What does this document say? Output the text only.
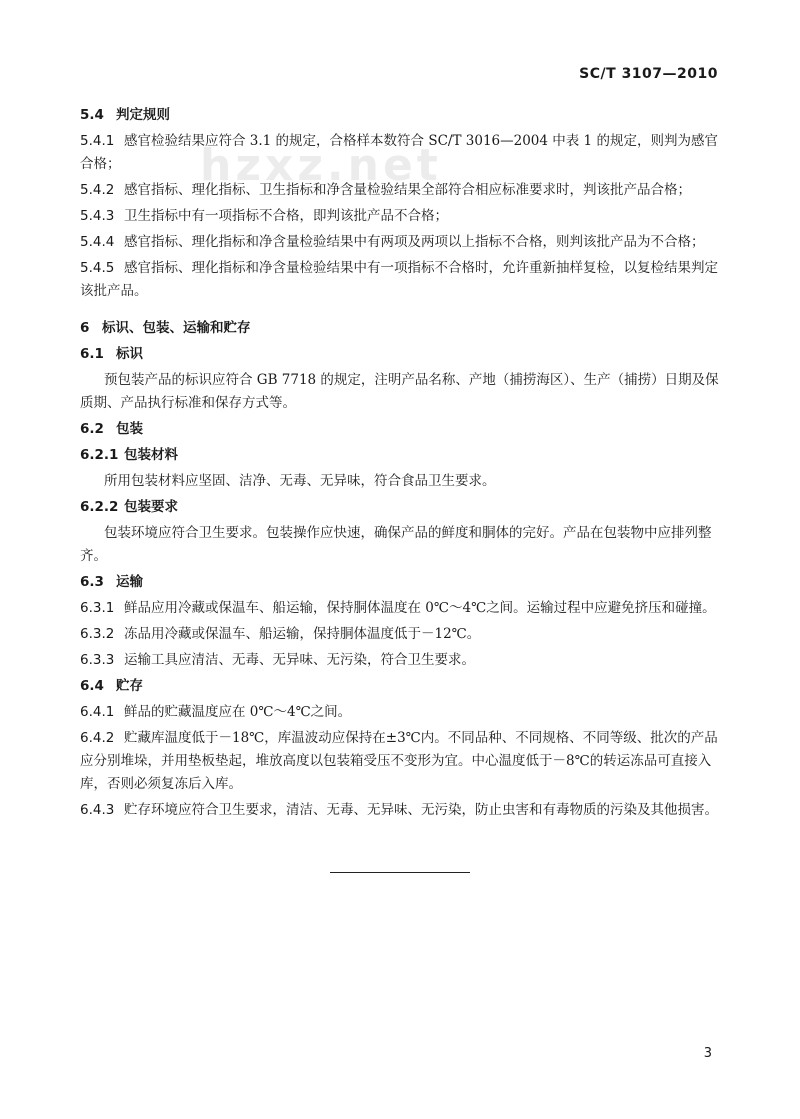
SC/T 3107—2010
hzxz.net
5.4 判定规则
5.4.1 感官检验结果应符合 3.1 的规定，合格样本数符合 SC/T 3016—2004 中表 1 的规定，则判为感官合格；
5.4.2 感官指标、理化指标、卫生指标和净含量检验结果全部符合相应标准要求时，判该批产品合格；
5.4.3 卫生指标中有一项指标不合格，即判该批产品不合格；
5.4.4 感官指标、理化指标和净含量检验结果中有两项及两项以上指标不合格，则判该批产品为不合格；
5.4.5 感官指标、理化指标和净含量检验结果中有一项指标不合格时，允许重新抽样复检，以复检结果判定该批产品。
6 标识、包装、运输和贮存
6.1 标识
预包装产品的标识应符合 GB 7718 的规定，注明产品名称、产地（捕捞海区）、生产（捕捞）日期及保质期、产品执行标准和保存方式等。
6.2 包装
6.2.1 包装材料
所用包装材料应坚固、洁净、无毒、无异味，符合食品卫生要求。
6.2.2 包装要求
包装环境应符合卫生要求。包装操作应快速，确保产品的鲜度和胴体的完好。产品在包装物中应排列整齐。
6.3 运输
6.3.1 鲜品应用冷藏或保温车、船运输，保持胴体温度在 0℃～4℃之间。运输过程中应避免挤压和碰撞。
6.3.2 冻品用冷藏或保温车、船运输，保持胴体温度低于－12℃。
6.3.3 运输工具应清洁、无毒、无异味、无污染，符合卫生要求。
6.4 贮存
6.4.1 鲜品的贮藏温度应在 0℃～4℃之间。
6.4.2 贮藏库温度低于－18℃，库温波动应保持在±3℃内。不同品种、不同规格、不同等级、批次的产品应分别堆垛，并用垫板垫起，堆放高度以包装箱受压不变形为宜。中心温度低于－8℃的转运冻品可直接入库，否则必须复冻后入库。
6.4.3 贮存环境应符合卫生要求，清洁、无毒、无异味、无污染，防止虫害和有毒物质的污染及其他损害。
3
